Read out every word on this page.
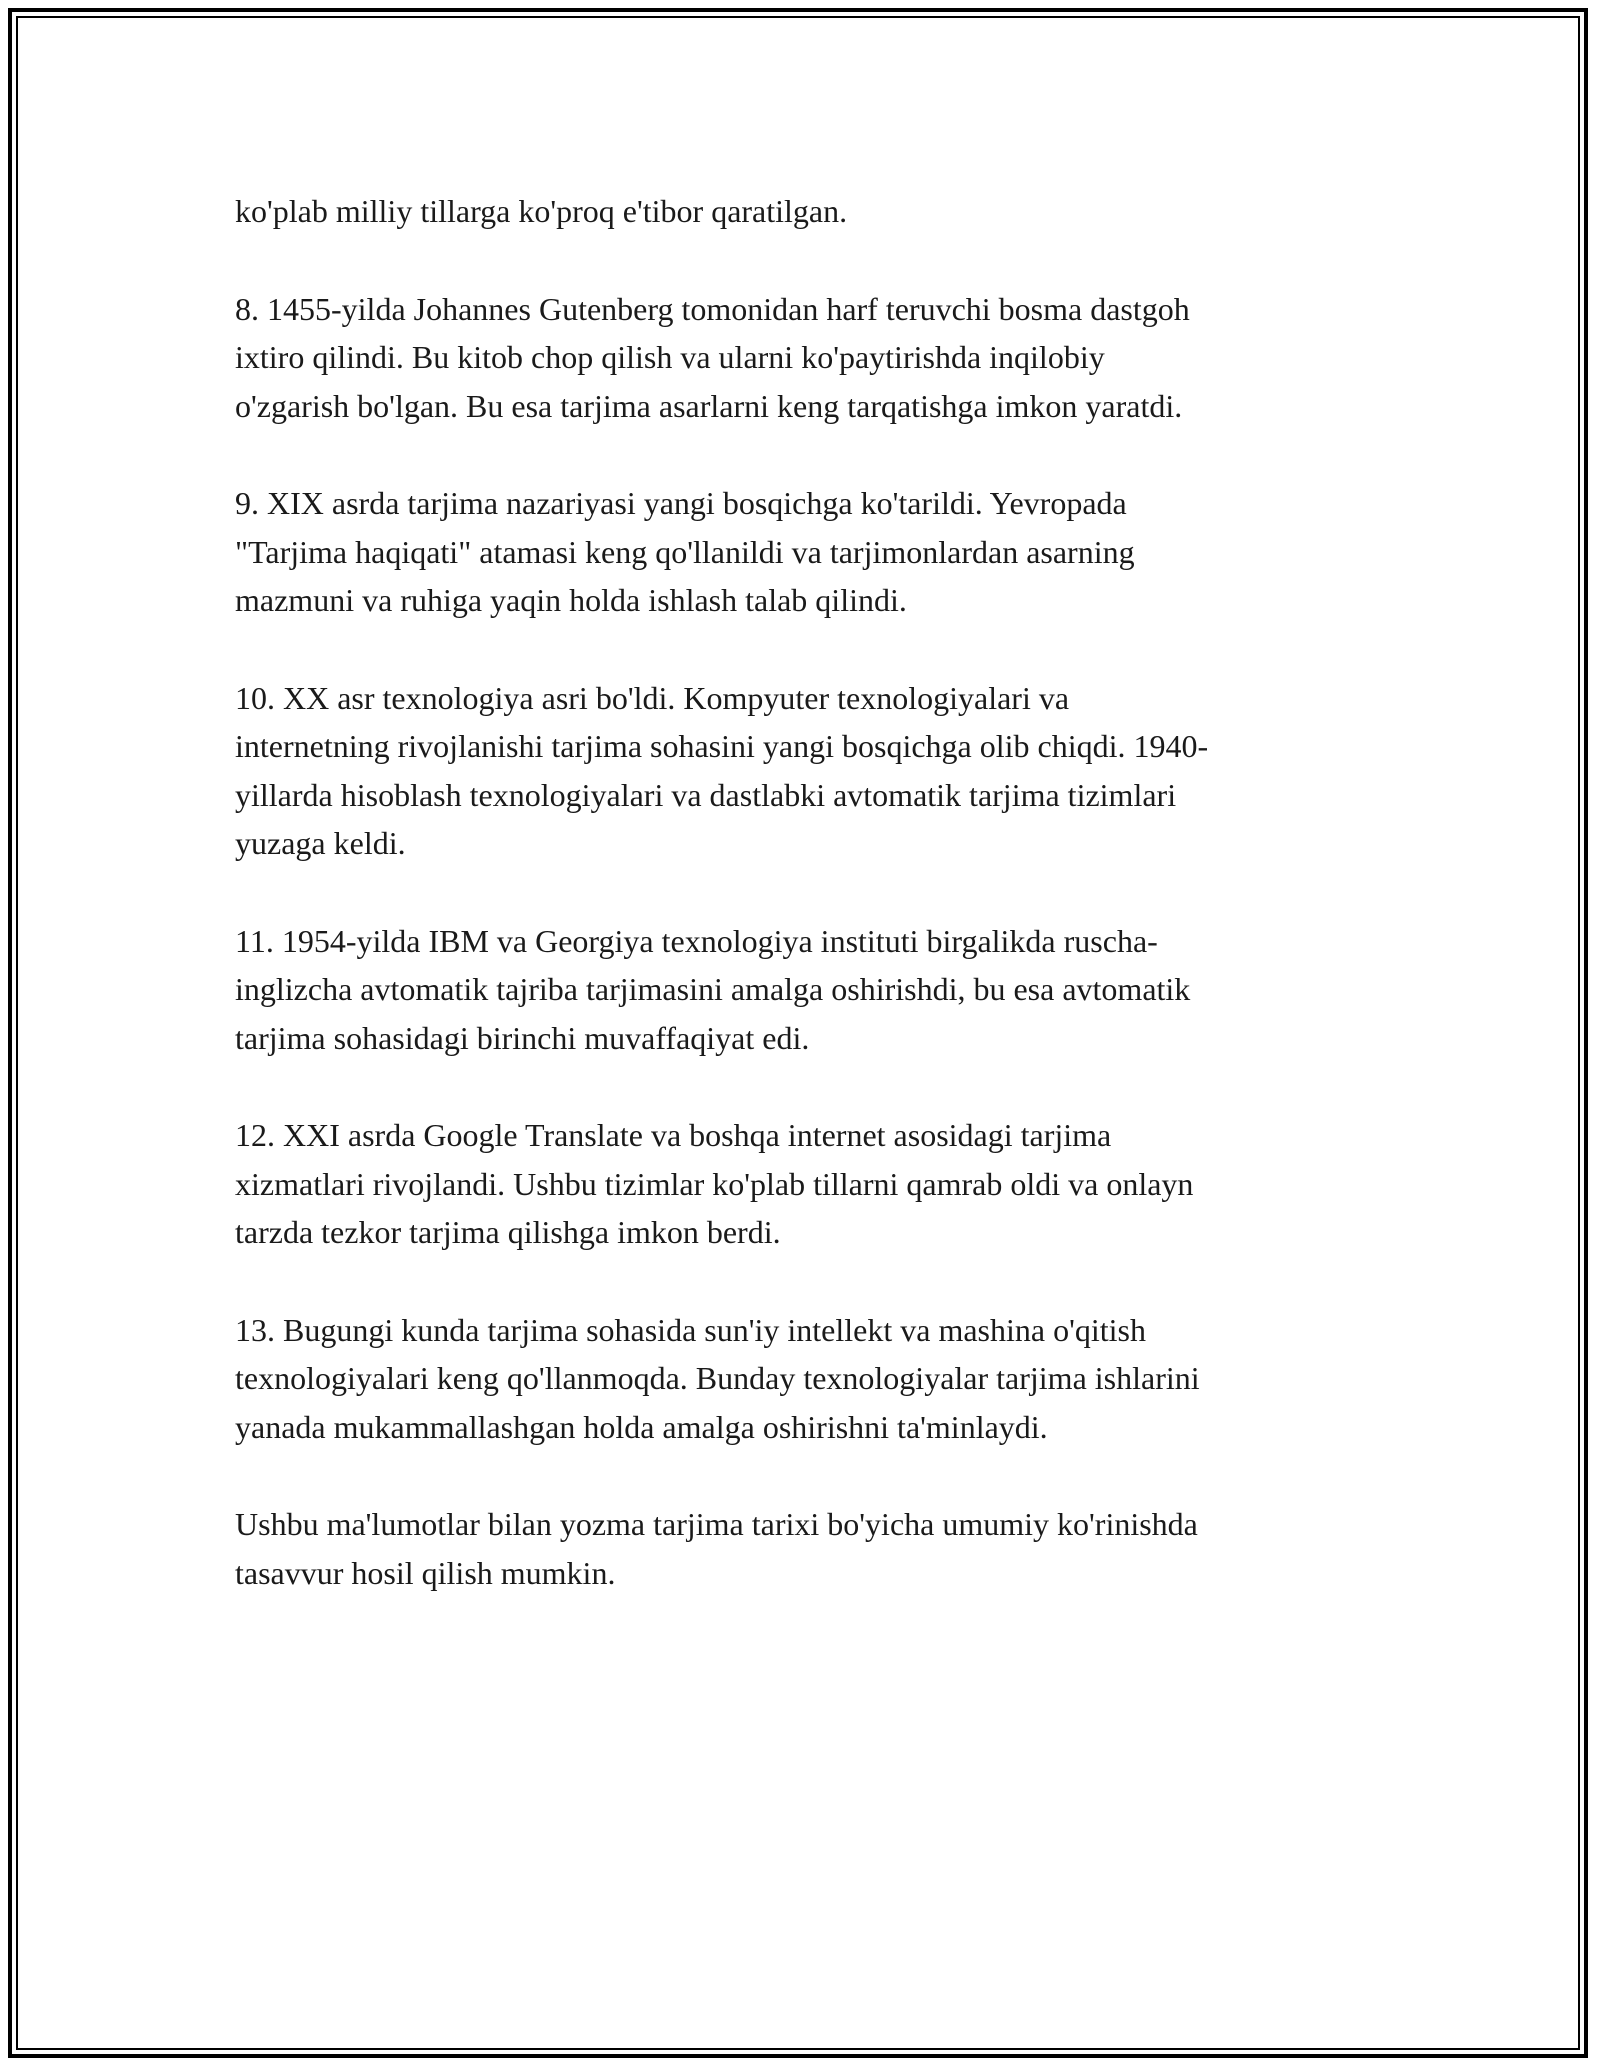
ko'plab milliy tillarga ko'proq e'tibor qaratilgan.

8. 1455-yilda Johannes Gutenberg tomonidan harf teruvchi bosma dastgoh
ixtiro qilindi. Bu kitob chop qilish va ularni ko'paytirishda inqilobiy
o'zgarish bo'lgan. Bu esa tarjima asarlarni keng tarqatishga imkon yaratdi.

9. XIX asrda tarjima nazariyasi yangi bosqichga ko'tarildi. Yevropada
"Tarjima haqiqati" atamasi keng qo'llanildi va tarjimonlardan asarning
mazmuni va ruhiga yaqin holda ishlash talab qilindi.

10. XX asr texnologiya asri bo'ldi. Kompyuter texnologiyalari va
internetning rivojlanishi tarjima sohasini yangi bosqichga olib chiqdi. 1940-
yillarda hisoblash texnologiyalari va dastlabki avtomatik tarjima tizimlari
yuzaga keldi.

11. 1954-yilda IBM va Georgiya texnologiya instituti birgalikda ruscha-
inglizcha avtomatik tajriba tarjimasini amalga oshirishdi, bu esa avtomatik
tarjima sohasidagi birinchi muvaffaqiyat edi.

12. XXI asrda Google Translate va boshqa internet asosidagi tarjima
xizmatlari rivojlandi. Ushbu tizimlar ko'plab tillarni qamrab oldi va onlayn
tarzda tezkor tarjima qilishga imkon berdi.

13. Bugungi kunda tarjima sohasida sun'iy intellekt va mashina o'qitish
texnologiyalari keng qo'llanmoqda. Bunday texnologiyalar tarjima ishlarini
yanada mukammallashgan holda amalga oshirishni ta'minlaydi.

Ushbu ma'lumotlar bilan yozma tarjima tarixi bo'yicha umumiy ko'rinishda
tasavvur hosil qilish mumkin.
